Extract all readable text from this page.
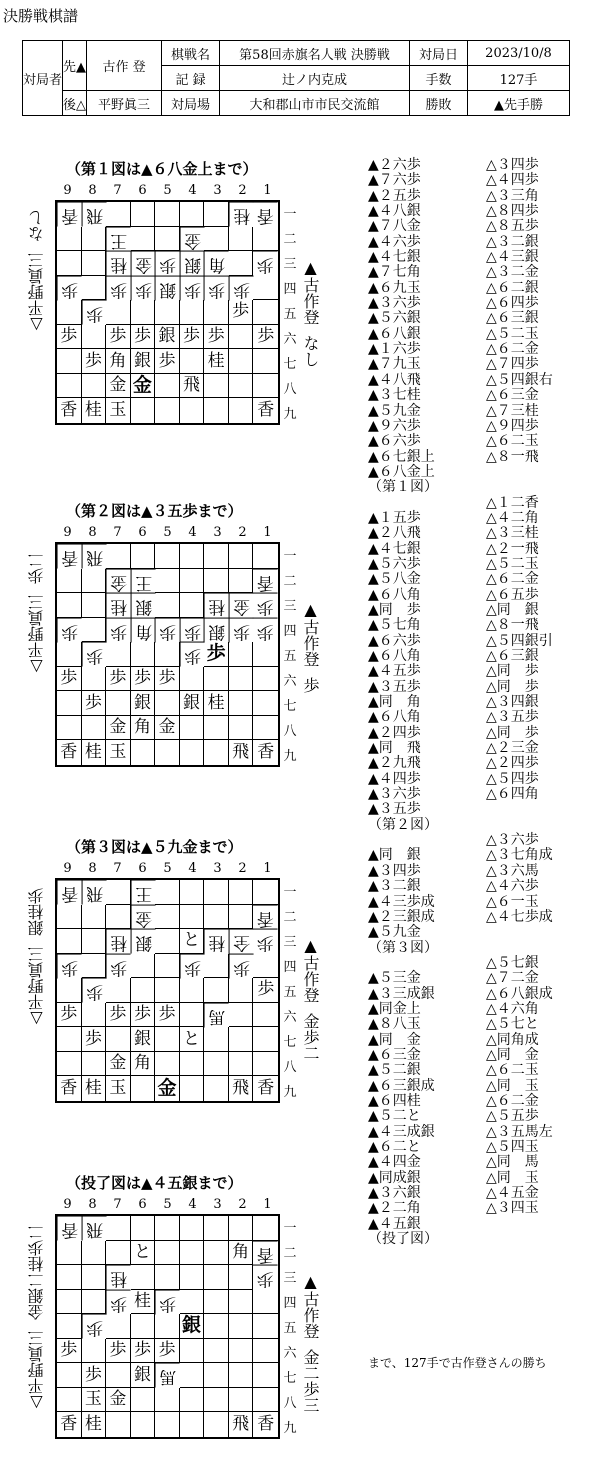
決勝戦棋譜
対局者	先▲	古作 登	棋戦名	第58回赤旗名人戦 決勝戦	対局日	2023/10/8
			記 録	辻ノ内克成	手数	127手
	後△	平野眞三	対局場	大和郡山市市民交流館	勝敗	▲先手勝
（第１図は▲６八金上まで）
9	8	7	6	5	4	3	2	1
香 飛	桂 香
王	金
桂 金 歩 銀 角 歩
歩 歩 歩 銀 歩 歩 歩
歩	歩
歩 歩 歩 銀 歩 歩 歩
歩 角 銀 歩 桂
金 金 飛
香 桂 玉	香
一
二
三
四
五
六
七
八
九
△平野眞三
なし
▲古作登なし
（第２図は▲３五歩まで）
9	8	7	6	5	4	3	2	1
香 飛
金 王	香
桂 銀	桂 金 歩
歩 歩 角 歩 歩 銀 歩 歩
歩	歩 歩
歩 歩 歩 歩
歩 銀 銀 桂
金 角 金
香 桂 玉	飛 香
一
二
三
四
五
六
七
八
九
△平野眞三
歩二
▲古作登歩
（第３図は▲５九金まで）
9	8	7	6	5	4	3	2	1
香 飛 王
金	香
桂 銀 と 桂 全 歩
歩 歩	歩 歩
歩	歩
歩 歩 歩 歩 馬
歩 銀 と
金 角
香 桂 玉 金	飛 香
一
二
三
四
五
六
七
八
九
△平野眞三
銀桂歩
▲古作登金歩二
（投了図は▲４五銀まで）
9	8	7	6	5	4	3	2	1
香 飛
と	角 香
桂	歩
歩 桂 歩
歩	銀
歩 歩 歩 歩
歩 銀 馬
玉 金
香 桂	飛 香
一
二
三
四
五
六
七
八
九
△平野眞三
金銀二桂歩二	▲古作登金二歩三
▲２六歩	△３四歩
▲７六歩	△４四歩
▲２五歩	△３三角
▲４八銀	△８四歩
▲７八金	△８五歩
▲４六歩	△３二銀
▲４七銀	△４三銀
▲７七角	△３二金
▲６九玉	△６二銀
▲３六歩	△６四歩
▲５六銀	△６三銀
▲６八銀	△５二玉
▲１六歩	△６二金
▲７九玉	△７四歩
▲４八飛	△５四銀右
▲３七桂	△６三金
▲５九金	△７三桂
▲９六歩	△９四歩
▲６六歩	△６二玉
▲６七銀上	△８一飛
▲６八金上
（第１図）
△１二香
▲１五歩	△４二角
▲２八飛	△３三桂
▲４七銀	△２一飛
▲５六歩	△５二玉
▲５八金	△６二金
▲６八角	△６五歩
▲同　歩	△同　銀
▲５七角	△８一飛
▲６六歩	△５四銀引
▲６八角	△６三銀
▲４五歩	△同　歩
▲３五歩	△同　歩
▲同　角	△３四銀
▲６八角	△３五歩
▲２四歩	△同　歩
▲同　飛	△２三金
▲２九飛	△２四歩
▲４四歩	△５四歩
▲３六歩	△６四角
▲３五歩
（第２図）
△３六歩
▲同　銀	△３七角成
▲３四歩	△３六馬
▲３二銀	△４六歩
▲４三歩成	△６一玉
▲２三銀成	△４七歩成
▲５九金
（第３図）
△５七銀
▲５三金	△７二金
▲３三成銀	△６八銀成
▲同金上	△４六角
▲８八玉	△５七と
▲同　金	△同角成
▲６三金	△同　金
▲５二銀	△６二玉
▲６三銀成	△同　玉
▲６四桂	△６二金
▲５二と	△５五歩
▲４三成銀	△３五馬左
▲６二と	△５四玉
▲４四金	△同　馬
▲同成銀	△同　玉
▲３六銀	△４五金
▲２二角	△３四玉
▲４五銀
（投了図）
まで、127手で古作登さんの勝ち
